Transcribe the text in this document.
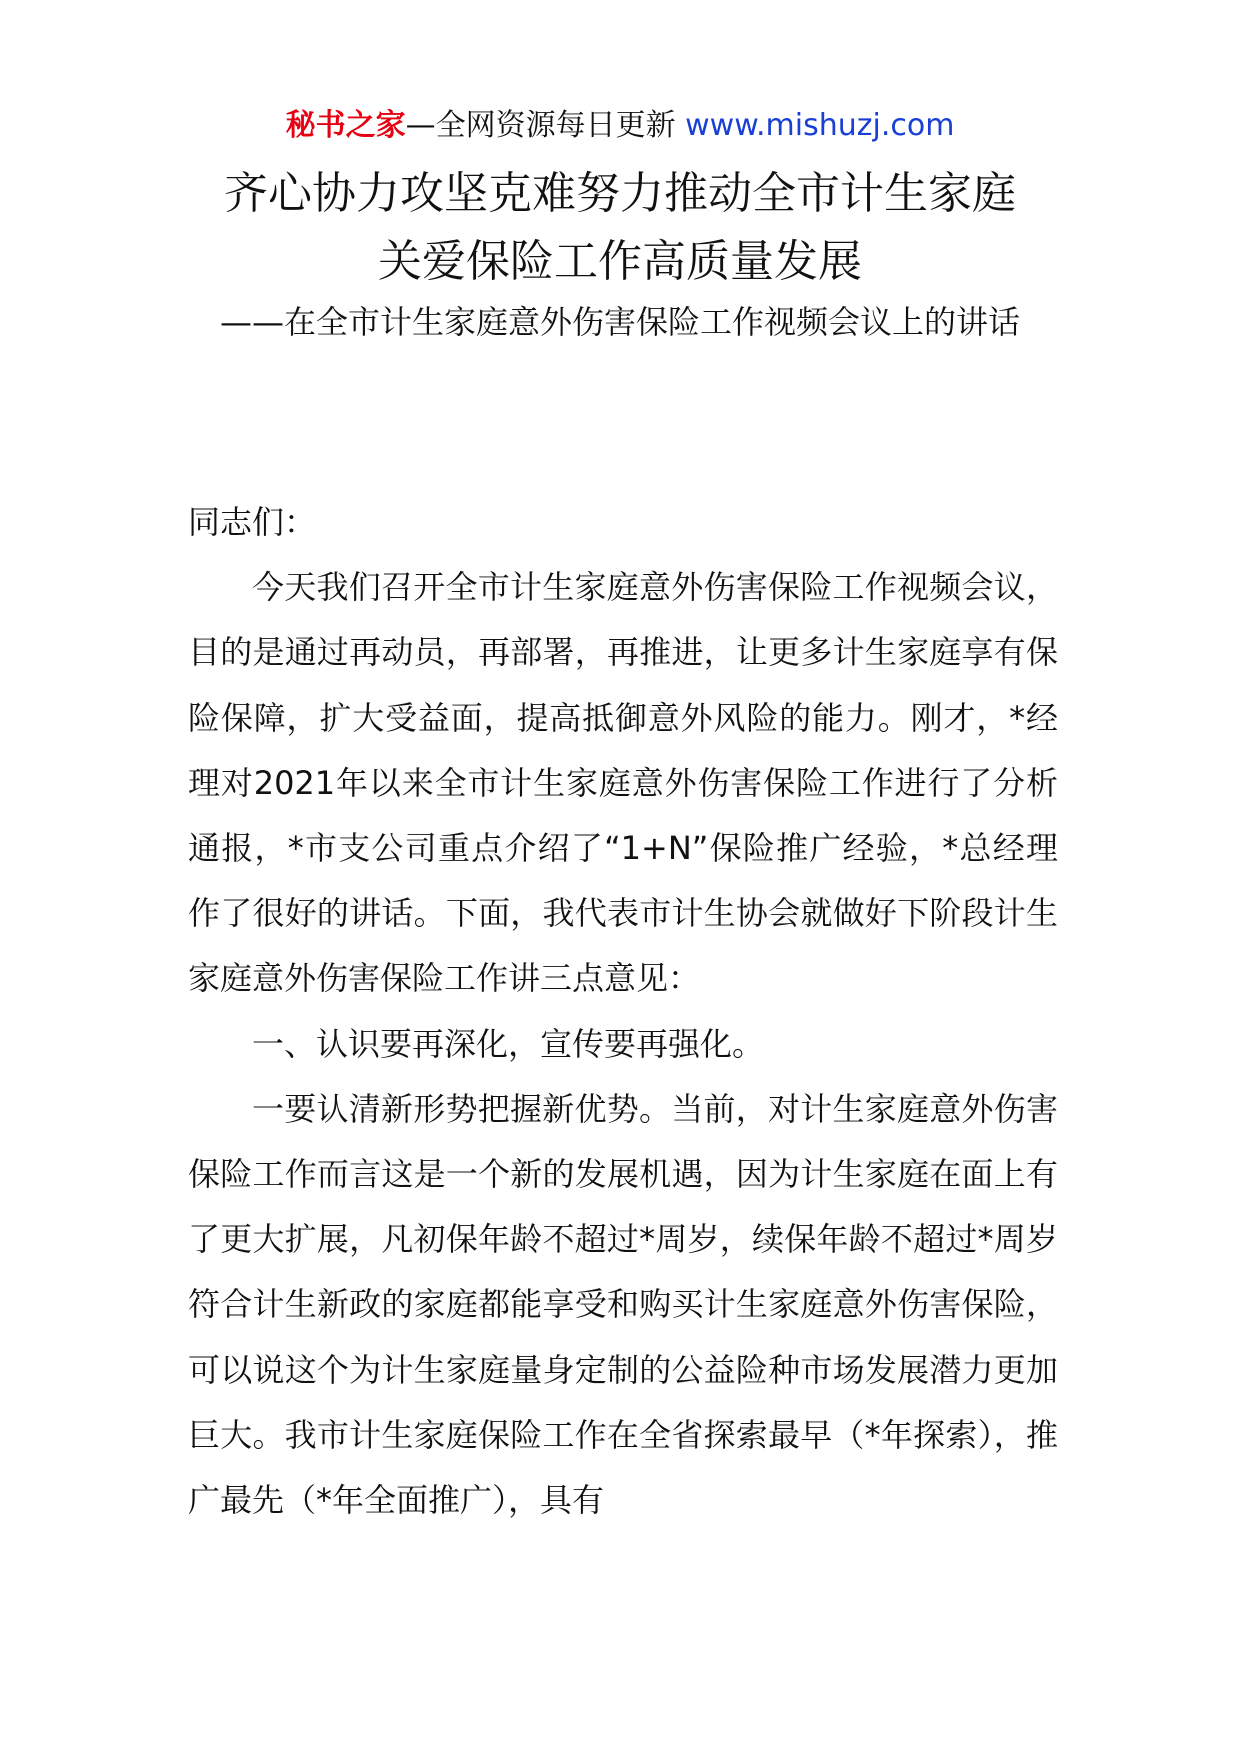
秘书之家—全网资源每日更新 www.mishuzj.com
齐心协力攻坚克难努力推动全市计生家庭
关爱保险工作高质量发展
——在全市计生家庭意外伤害保险工作视频会议上的讲话

同志们：

今天我们召开全市计生家庭意外伤害保险工作视频会议，目的是通过再动员，再部署，再推进，让更多计生家庭享有保险保障，扩大受益面，提高抵御意外风险的能力。刚才，*经理对2021年以来全市计生家庭意外伤害保险工作进行了分析通报，*市支公司重点介绍了“1+N”保险推广经验，*总经理作了很好的讲话。下面，我代表市计生协会就做好下阶段计生家庭意外伤害保险工作讲三点意见：

一、认识要再深化，宣传要再强化。

一要认清新形势把握新优势。当前，对计生家庭意外伤害保险工作而言这是一个新的发展机遇，因为计生家庭在面上有了更大扩展，凡初保年龄不超过*周岁，续保年龄不超过*周岁符合计生新政的家庭都能享受和购买计生家庭意外伤害保险，可以说这个为计生家庭量身定制的公益险种市场发展潜力更加巨大。我市计生家庭保险工作在全省探索最早（*年探索），推广最先（*年全面推广），具有
